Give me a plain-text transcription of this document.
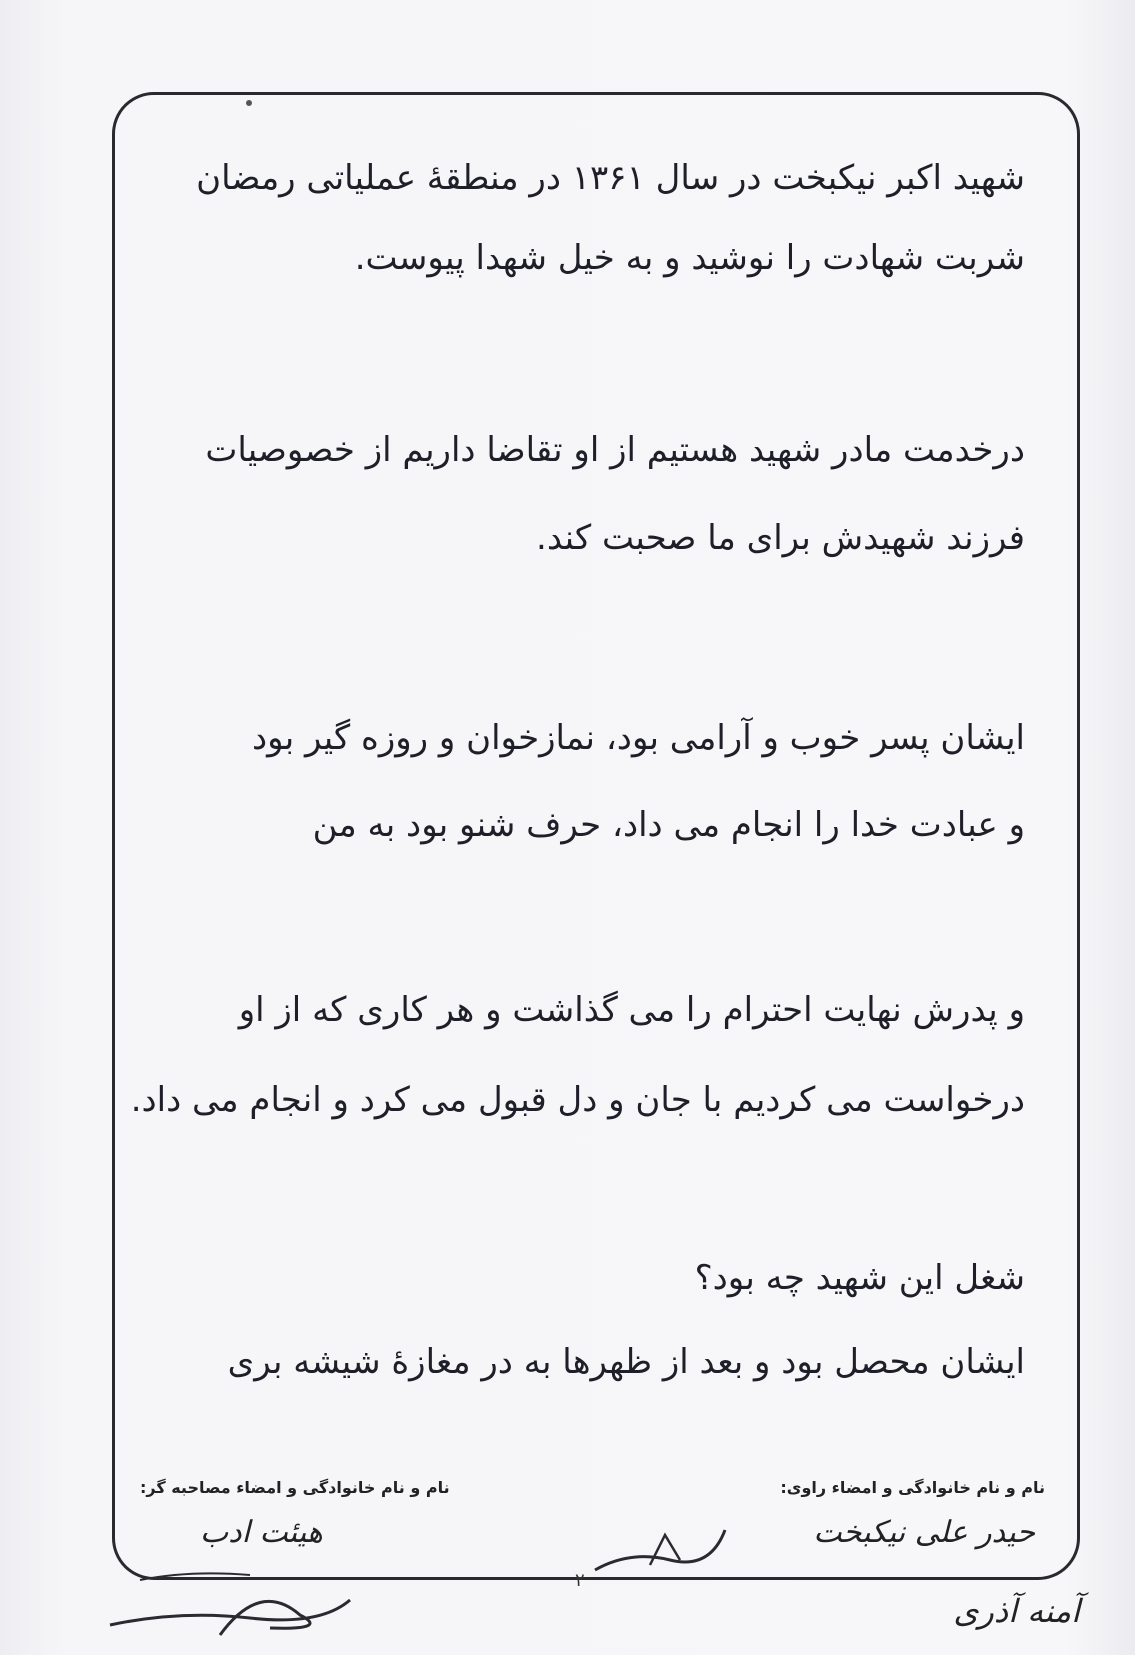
شهید اکبر نیکبخت در سال ۱۳۶۱ در منطقهٔ عملیاتی رمضان
شربت شهادت را نوشید و به خیل شهدا پیوست.
درخدمت مادر شهید هستیم از او تقاضا داریم از خصوصیات
فرزند شهیدش برای ما صحبت کند.
ایشان پسر خوب و آرامی بود، نمازخوان و روزه گیر بود
و عبادت خدا را انجام می داد، حرف شنو بود به من
و پدرش نهایت احترام را می گذاشت و هر کاری که از او
درخواست می کردیم با جان و دل قبول می کرد و انجام می داد.
شغل این شهید چه بود؟
ایشان محصل بود و بعد از ظهرها به در مغازهٔ شیشه بری
نام و نام خانوادگی و امضاء راوی:
نام و نام خانوادگی و امضاء مصاحبه گر:
حیدر علی نیکبخت
هیئت ادب
۲
آمنه آذری
